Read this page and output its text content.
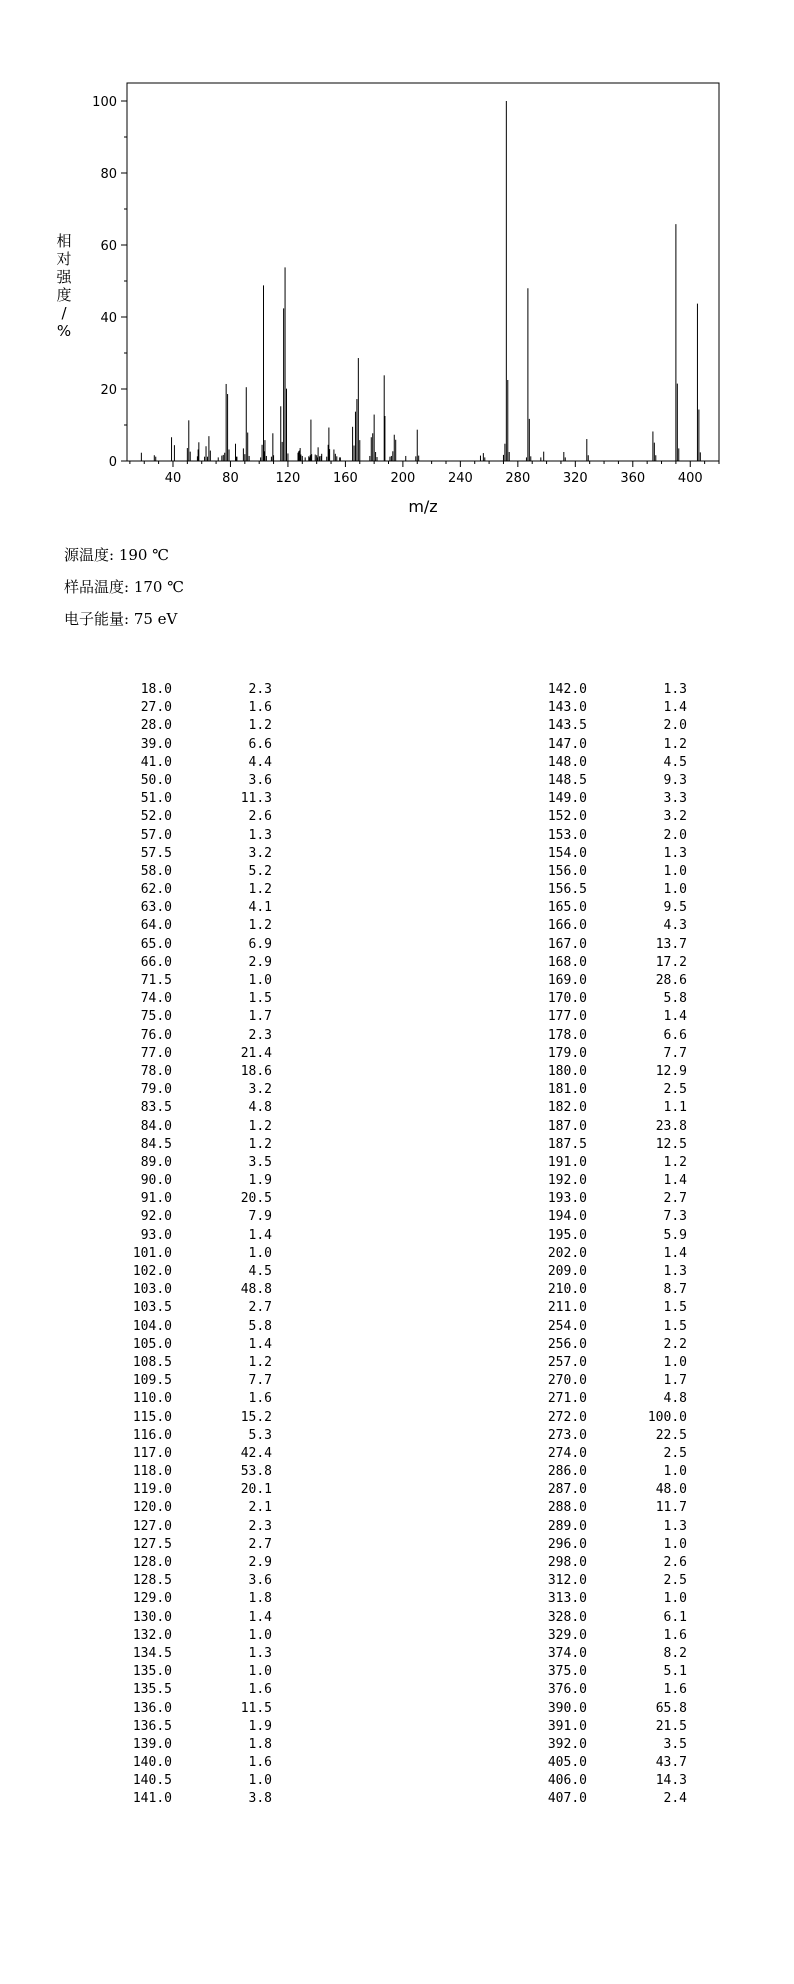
40	80	120	160	200	240	280	320	360	400
0
20
40
60
80
100
m/z
相对强度/ %
源温度: 190 ℃
样品温度: 170 ℃
电子能量: 75 eV
18.0	2.3
27.0	1.6
28.0	1.2
39.0	6.6
41.0	4.4
50.0	3.6
51.0	11.3
52.0	2.6
57.0	1.3
57.5	3.2
58.0	5.2
62.0	1.2
63.0	4.1
64.0	1.2
65.0	6.9
66.0	2.9
71.5	1.0
74.0	1.5
75.0	1.7
76.0	2.3
77.0	21.4
78.0	18.6
79.0	3.2
83.5	4.8
84.0	1.2
84.5	1.2
89.0	3.5
90.0	1.9
91.0	20.5
92.0	7.9
93.0	1.4
101.0	1.0
102.0	4.5
103.0	48.8
103.5	2.7
104.0	5.8
105.0	1.4
108.5	1.2
109.5	7.7
110.0	1.6
115.0	15.2
116.0	5.3
117.0	42.4
118.0	53.8
119.0	20.1
120.0	2.1
127.0	2.3
127.5	2.7
128.0	2.9
128.5	3.6
129.0	1.8
130.0	1.4
132.0	1.0
134.5	1.3
135.0	1.0
135.5	1.6
136.0	11.5
136.5	1.9
139.0	1.8
140.0	1.6
140.5	1.0
141.0	3.8
142.0	1.3
143.0	1.4
143.5	2.0
147.0	1.2
148.0	4.5
148.5	9.3
149.0	3.3
152.0	3.2
153.0	2.0
154.0	1.3
156.0	1.0
156.5	1.0
165.0	9.5
166.0	4.3
167.0	13.7
168.0	17.2
169.0	28.6
170.0	5.8
177.0	1.4
178.0	6.6
179.0	7.7
180.0	12.9
181.0	2.5
182.0	1.1
187.0	23.8
187.5	12.5
191.0	1.2
192.0	1.4
193.0	2.7
194.0	7.3
195.0	5.9
202.0	1.4
209.0	1.3
210.0	8.7
211.0	1.5
254.0	1.5
256.0	2.2
257.0	1.0
270.0	1.7
271.0	4.8
272.0	100.0
273.0	22.5
274.0	2.5
286.0	1.0
287.0	48.0
288.0	11.7
289.0	1.3
296.0	1.0
298.0	2.6
312.0	2.5
313.0	1.0
328.0	6.1
329.0	1.6
374.0	8.2
375.0	5.1
376.0	1.6
390.0	65.8
391.0	21.5
392.0	3.5
405.0	43.7
406.0	14.3
407.0	2.4
